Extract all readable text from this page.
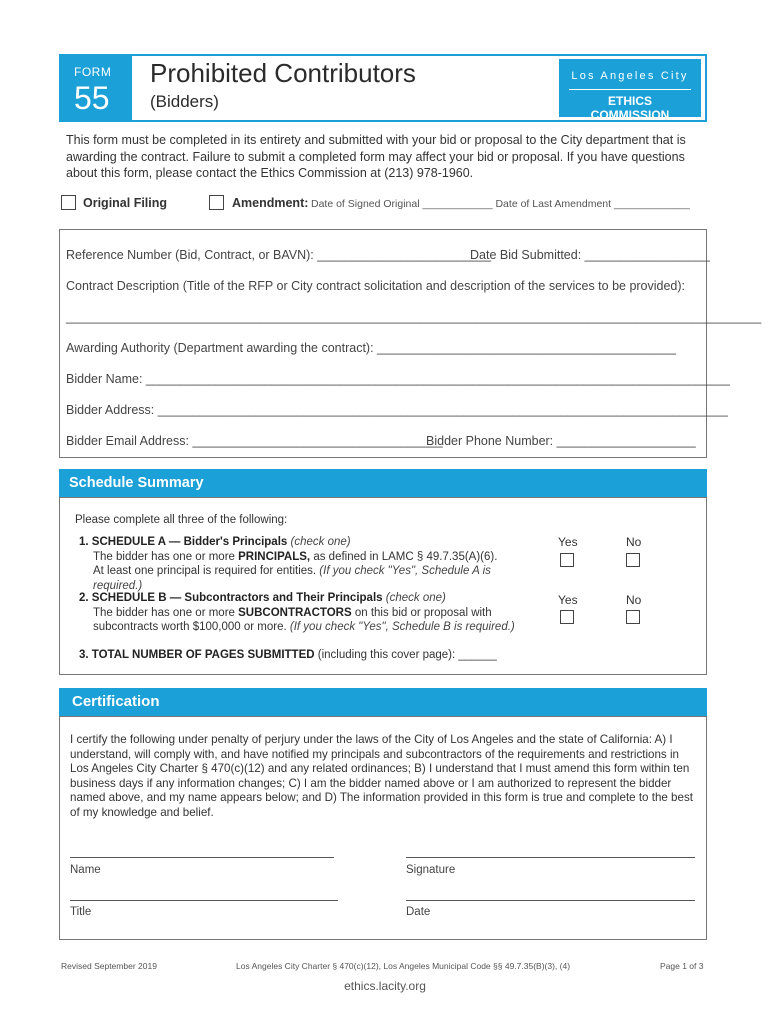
FORM
55
Prohibited Contributors
(Bidders)
Los Angeles City
ETHICS COMMISSION
This form must be completed in its entirety and submitted with your bid or proposal to the City department that is awarding the contract. Failure to submit a completed form may affect your bid or proposal. If you have questions about this form, please contact the Ethics Commission at (213) 978-1960.
Original Filing	Amendment: Date of Signed Original ____________ Date of Last Amendment _____________
Reference Number (Bid, Contract, or BAVN): _________________________
Date Bid Submitted: __________________
Contract Description (Title of the RFP or City contract solicitation and description of the services to be provided):
____________________________________________________________________________________________________
Awarding Authority (Department awarding the contract): ___________________________________________
Bidder Name: ____________________________________________________________________________________
Bidder Address: __________________________________________________________________________________
Bidder Email Address: ____________________________________
Bidder Phone Number: ____________________
Schedule Summary
Please complete all three of the following:
1. SCHEDULE A — Bidder's Principals (check one)
The bidder has one or more PRINCIPALS, as defined in LAMC § 49.7.35(A)(6).
At least one principal is required for entities. (If you check "Yes", Schedule A is required.)
Yes	No
2. SCHEDULE B — Subcontractors and Their Principals (check one)
The bidder has one or more SUBCONTRACTORS on this bid or proposal with
subcontracts worth $100,000 or more. (If you check "Yes", Schedule B is required.)
Yes	No
3. TOTAL NUMBER OF PAGES SUBMITTED (including this cover page): ______
Certification
I certify the following under penalty of perjury under the laws of the City of Los Angeles and the state of California: A) I understand, will comply with, and have notified my principals and subcontractors of the requirements and restrictions in Los Angeles City Charter § 470(c)(12) and any related ordinances; B) I understand that I must amend this form within ten business days if any information changes; C) I am the bidder named above or I am authorized to represent the bidder named above, and my name appears below; and D) The information provided in this form is true and complete to the best of my knowledge and belief.
Name	Signature
Title	Date
Revised September 2019	Los Angeles City Charter § 470(c)(12), Los Angeles Municipal Code §§ 49.7.35(B)(3), (4)	Page 1 of 3
ethics.lacity.org
